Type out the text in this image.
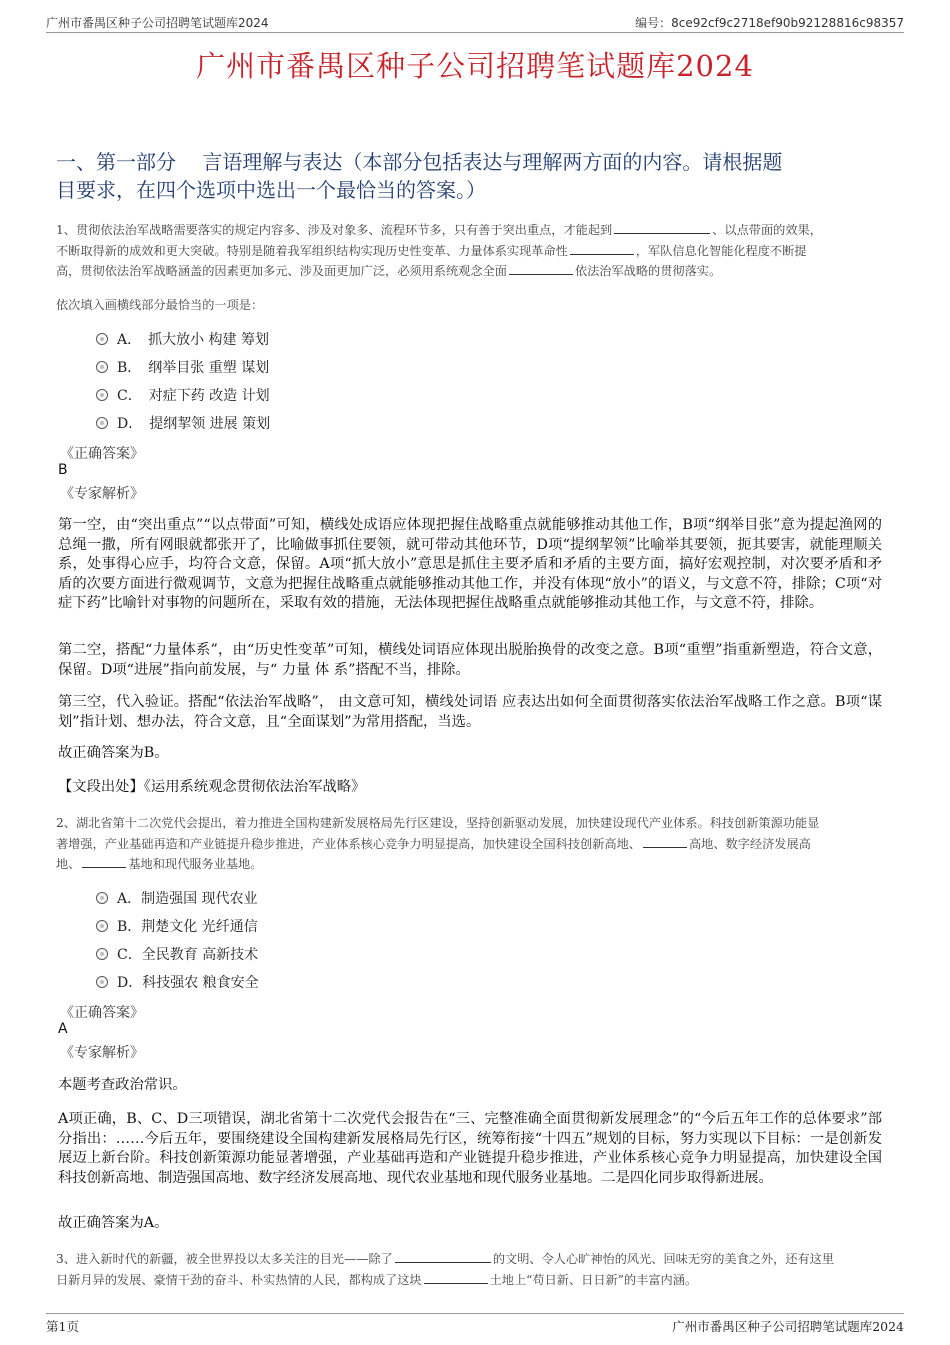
广州市番禺区种子公司招聘笔试题库2024	编号：8ce92cf9c2718ef90b92128816c98357
广州市番禺区种子公司招聘笔试题库2024
一、第一部分　 言语理解与表达（本部分包括表达与理解两方面的内容。请根据题
目要求，在四个选项中选出一个最恰当的答案。）
1、贯彻依法治军战略需要落实的规定内容多、涉及对象多、流程环节多，只有善于突出重点，才能起到	、以点带面的效果，
不断取得新的成效和更大突破。特别是随着我军组织结构实现历史性变革、力量体系实现革命性	，军队信息化智能化程度不断提
高，贯彻依法治军战略涵盖的因素更加多元、涉及面更加广泛，必须用系统观念全面	依法治军战略的贯彻落实。
依次填入画横线部分最恰当的一项是：
A．　抓大放小 构建 筹划
B．　纲举目张 重塑 谋划
C．　对症下药 改造 计划
D．　提纲挈领 进展 策划
《正确答案》
B
《专家解析》
第一空，由“突出重点”“以点带面”可知，横线处成语应体现把握住战略重点就能够推动其他工作，B项“纲举目张”意为提起渔网的总绳一撒，所有网眼就都张开了，比喻做事抓住要领，就可带动其他环节，D项“提纲挈领”比喻举其要领，扼其要害，就能理顺关系，处事得心应手，均符合文意，保留。A项“抓大放小”意思是抓住主要矛盾和矛盾的主要方面，搞好宏观控制，对次要矛盾和矛盾的次要方面进行微观调节，文意为把握住战略重点就能够推动其他工作，并没有体现“放小”的语义，与文意不符，排除；C项“对症下药”比喻针对事物的问题所在，采取有效的措施，无法体现把握住战略重点就能够推动其他工作，与文意不符，排除。
第二空，搭配“力量体系”，由“历史性变革”可知，横线处词语应体现出脱胎换骨的改变之意。B项“重塑”指重新塑造，符合文意，保留。D项“进展”指向前发展，与“ 力量 体 系”搭配不当，排除。
第三空，代入验证。搭配“依法治军战略”， 由文意可知，横线处词语 应表达出如何全面贯彻落实依法治军战略工作之意。B项“谋划”指计划、想办法，符合文意，且“全面谋划”为常用搭配，当选。
故正确答案为B。
【文段出处】《运用系统观念贯彻依法治军战略》
2、湖北省第十二次党代会提出，着力推进全国构建新发展格局先行区建设，坚持创新驱动发展，加快建设现代产业体系。科技创新策源功能显
著增强，产业基础再造和产业链提升稳步推进，产业体系核心竞争力明显提高，加快建设全国科技创新高地、	高地、数字经济发展高
地、	基地和现代服务业基地。
A．制造强国 现代农业
B．荆楚文化 光纤通信
C．全民教育 高新技术
D．科技强农 粮食安全
《正确答案》
A
《专家解析》
本题考查政治常识。
A项正确，B、C、D三项错误，湖北省第十二次党代会报告在“三、完整准确全面贯彻新发展理念”的“今后五年工作的总体要求”部分指出：……今后五年，要围绕建设全国构建新发展格局先行区，统筹衔接“十四五”规划的目标，努力实现以下目标：一是创新发展迈上新台阶。科技创新策源功能显著增强，产业基础再造和产业链提升稳步推进，产业体系核心竞争力明显提高，加快建设全国科技创新高地、制造强国高地、数字经济发展高地、现代农业基地和现代服务业基地。二是四化同步取得新进展。
故正确答案为A。
3、进入新时代的新疆，被全世界投以太多关注的目光——除了	的文明、令人心旷神怡的风光、回味无穷的美食之外，还有这里
日新月异的发展、豪情干劲的奋斗、朴实热情的人民，都构成了这块	土地上“苟日新、日日新”的丰富内涵。
第1页	广州市番禺区种子公司招聘笔试题库2024
